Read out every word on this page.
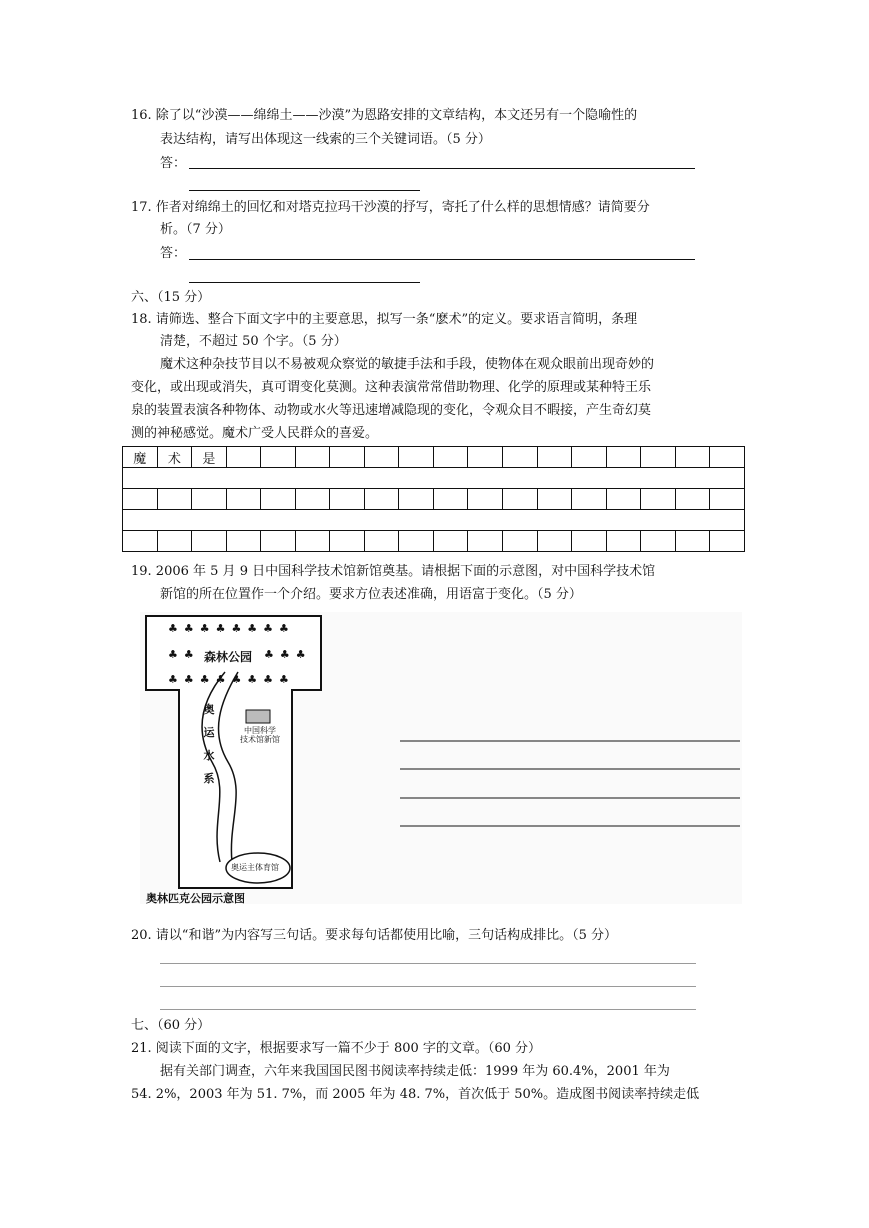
16. 除了以“沙漠——绵绵土——沙漠”为恩路安排的文章结构，本文还另有一个隐喻性的
表达结构，请写出体现这一线索的三个关键词语。（5 分）
答：
17. 作者对绵绵土的回忆和对塔克拉玛干沙漠的抒写，寄托了什么样的思想情感？请简要分
析。（7 分）
答：
六、（15 分）
18. 请筛选、整合下面文字中的主要意思，拟写一条“麽术”的定义。要求语言简明，条理
清楚，不超过 50 个字。（5 分）
魔术这种杂技节目以不易被观众察觉的敏捷手法和手段，使物体在观众眼前出现奇妙的
变化，或出现或消失，真可谓变化莫测。这种表演常常借助物理、化学的原理或某种特王乐
泉的装置表演各种物体、动物或水火等迅速增减隐现的变化，令观众目不暇接，产生奇幻莫
测的神秘感觉。魔术广受人民群众的喜爱。
魔	术	是															

19. 2006 年 5 月 9 日中国科学技术馆新馆奠基。请根据下面的示意图，对中国科学技术馆
新馆的所在位置作一个介绍。要求方位表述准确，用语富于变化。（5 分）
♣♣♣♣♣♣♣♣
♣♣ 森林公园 ♣♣♣
♣♣♣♣♣♣♣♣
奥
运
水
系
中国科学
技术馆新馆
奥运主体育馆
奥林匹克公园示意图
20. 请以“和谐”为内容写三句话。要求每句话都使用比喻，三句话构成排比。（5 分）
七、（60 分）
21. 阅读下面的文字，根据要求写一篇不少于 800 字的文章。（60 分）
据有关部门调查，六年来我国国民图书阅读率持续走低：1999 年为 60.4%，2001 年为
54. 2%，2003 年为 51. 7%，而 2005 年为 48. 7%，首次低于 50%。造成图书阅读率持续走低
